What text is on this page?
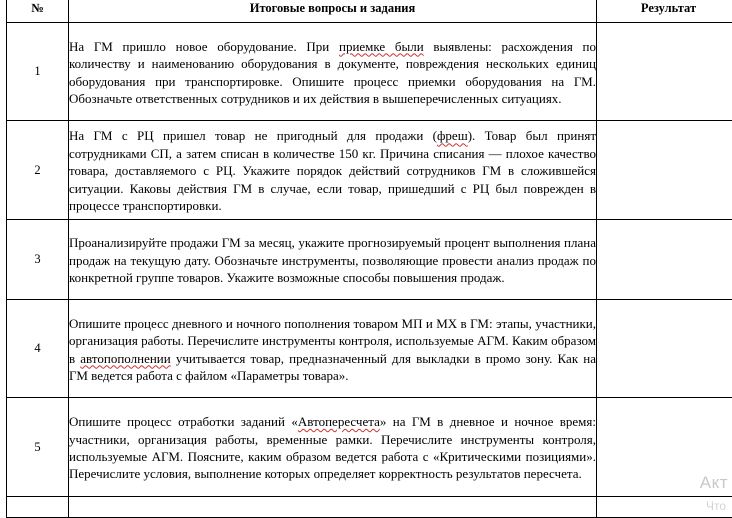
№	Итоговые вопросы и задания	Результат
1	На ГМ пришло новое оборудование. При приемке были выявлены: расхождения по количеству и наименованию оборудования в документе, повреждения нескольких единиц оборудования при транспортировке. Опишите процесс приемки оборудования на ГМ. Обозначьте ответственных сотрудников и их действия в вышеперечисленных ситуациях.	

2	На ГМ с РЦ пришел товар не пригодный для продажи (фреш). Товар был принят сотрудниками СП, а затем списан в количестве 150 кг. Причина списания — плохое качество товара, доставляемого с РЦ. Укажите порядок действий сотрудников ГМ в сложившейся ситуации. Каковы действия ГМ в случае, если товар, пришедший с РЦ был поврежден в процессе транспортировки.	

3	Проанализируйте продажи ГМ за месяц, укажите прогнозируемый процент выполнения плана продаж на текущую дату. Обозначьте инструменты, позволяющие провести анализ продаж по конкретной группе товаров. Укажите возможные способы повышения продаж.	

4	Опишите процесс дневного и ночного пополнения товаром МП и МХ в ГМ: этапы, участники, организация работы. Перечислите инструменты контроля, используемые АГМ. Каким образом в автопополнении учитывается товар, предназначенный для выкладки в промо зону. Как на ГМ ведется работа с файлом «Параметры товара».	

5	Опишите процесс отработки заданий «Автопересчета» на ГМ в дневное и ночное время: участники, организация работы, временные рамки. Перечислите инструменты контроля, используемые АГМ. Поясните, каким образом ведется работа с «Критическими позициями». Перечислите условия, выполнение которых определяет корректность результатов пересчета.	

			Акт
Что
